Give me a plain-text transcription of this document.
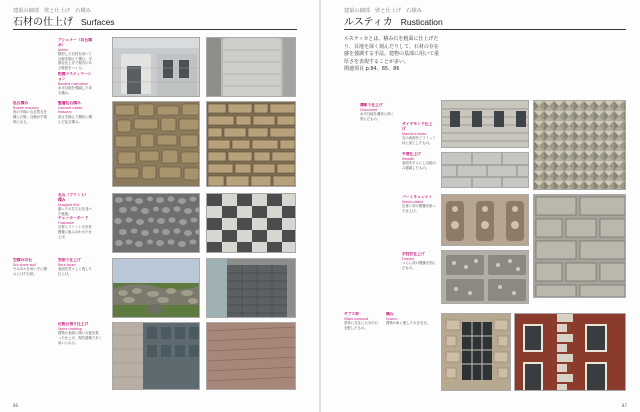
建築の細部　壁と仕上げ　石積み
石材の仕上げ Surfaces
アシュラー（切石積み）
Ashlar
整形した石材を用いて目地を揃えて積む。平滑な仕上げで格式のある壁面をつくる。
蛇腹ラスティケーション
Banded rustication
水平目地を強調した切石積み。
乱石積み
Rubble masonry
形の不揃いな自然石を積んだ壁。目地が不規則になる。
整層乱石積み
Coursed rubble masonry
高さを揃えて層状に積んだ乱石積み。
丸石（フリント）積み
Knapped flint
割った火打ち石を並べた壁面。
チェッカーボード
Flushwork
石材とフリントを市松模様に組み合わせた仕上げ。
空積みの石
Dry stone wall
モルタルを用いずに積み上げた石垣。
荒削り仕上げ
Rock-faced
表面を荒々しく残した仕上げ。
化粧石張り仕上げ
Stone cladding
建物の表面に薄い石板を張った仕上げ。現代建築で多く用いられる。
86
建築の細部　壁と仕上げ　石積み
ルスティカ Rustication
ルスティカとは、積み石を粗面に仕上げたり、目地を深く刻んだりして、石材の存在感を強調する手法。建物の基部に用いて重厚さを表現することが多い。
関連項目 p.84、85、86
溝彫り仕上げ
Channeled
水平目地を溝状に深く刻んだもの。
ダイヤモンド仕上げ
Diamond-faced
石の表面をピラミッド状に加工したもの。
平滑仕上げ
Smooth
表面を平らにし目地のみ強調したもの。
バーミキュレイト
Vermiculated
虫食い状の模様を彫った仕上げ。
氷柱状仕上げ
Frosted
つらら状の模様を刻んだもの。
ギブス枠
Gibbs surround
窓枠に交互に大小の石を配したもの。
隅石
Quoins
建物の角に配した大きな石。
87
